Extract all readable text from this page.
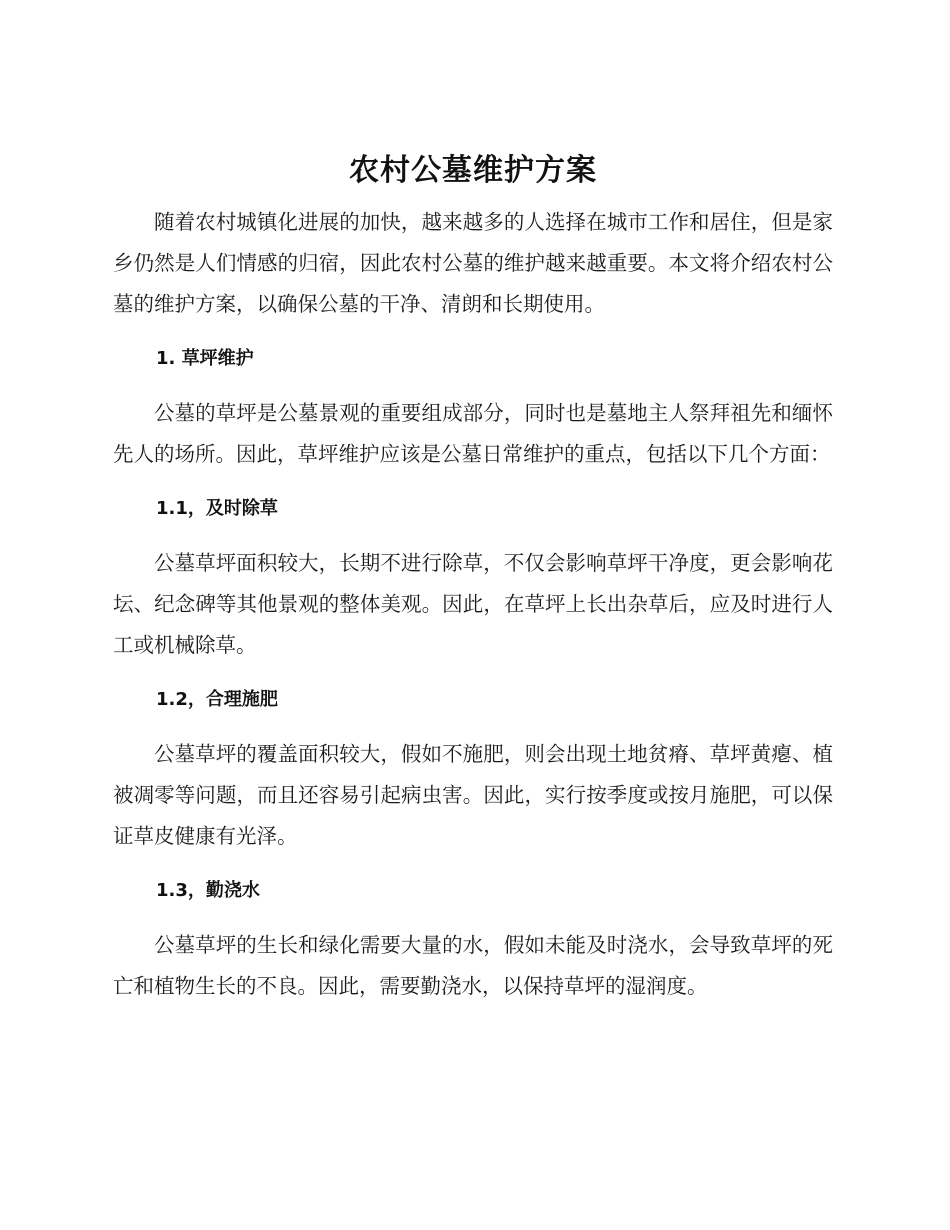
农村公墓维护方案

随着农村城镇化进展的加快，越来越多的人选择在城市工作和居住，但是家乡仍然是人们情感的归宿，因此农村公墓的维护越来越重要。本文将介绍农村公墓的维护方案，以确保公墓的干净、清朗和长期使用。

1. 草坪维护

公墓的草坪是公墓景观的重要组成部分，同时也是墓地主人祭拜祖先和缅怀先人的场所。因此，草坪维护应该是公墓日常维护的重点，包括以下几个方面：

1.1，及时除草

公墓草坪面积较大，长期不进行除草，不仅会影响草坪干净度，更会影响花坛、纪念碑等其他景观的整体美观。因此，在草坪上长出杂草后，应及时进行人工或机械除草。

1.2，合理施肥

公墓草坪的覆盖面积较大，假如不施肥，则会出现土地贫瘠、草坪黄瘪、植被凋零等问题，而且还容易引起病虫害。因此，实行按季度或按月施肥，可以保证草皮健康有光泽。

1.3，勤浇水

公墓草坪的生长和绿化需要大量的水，假如未能及时浇水，会导致草坪的死亡和植物生长的不良。因此，需要勤浇水，以保持草坪的湿润度。
